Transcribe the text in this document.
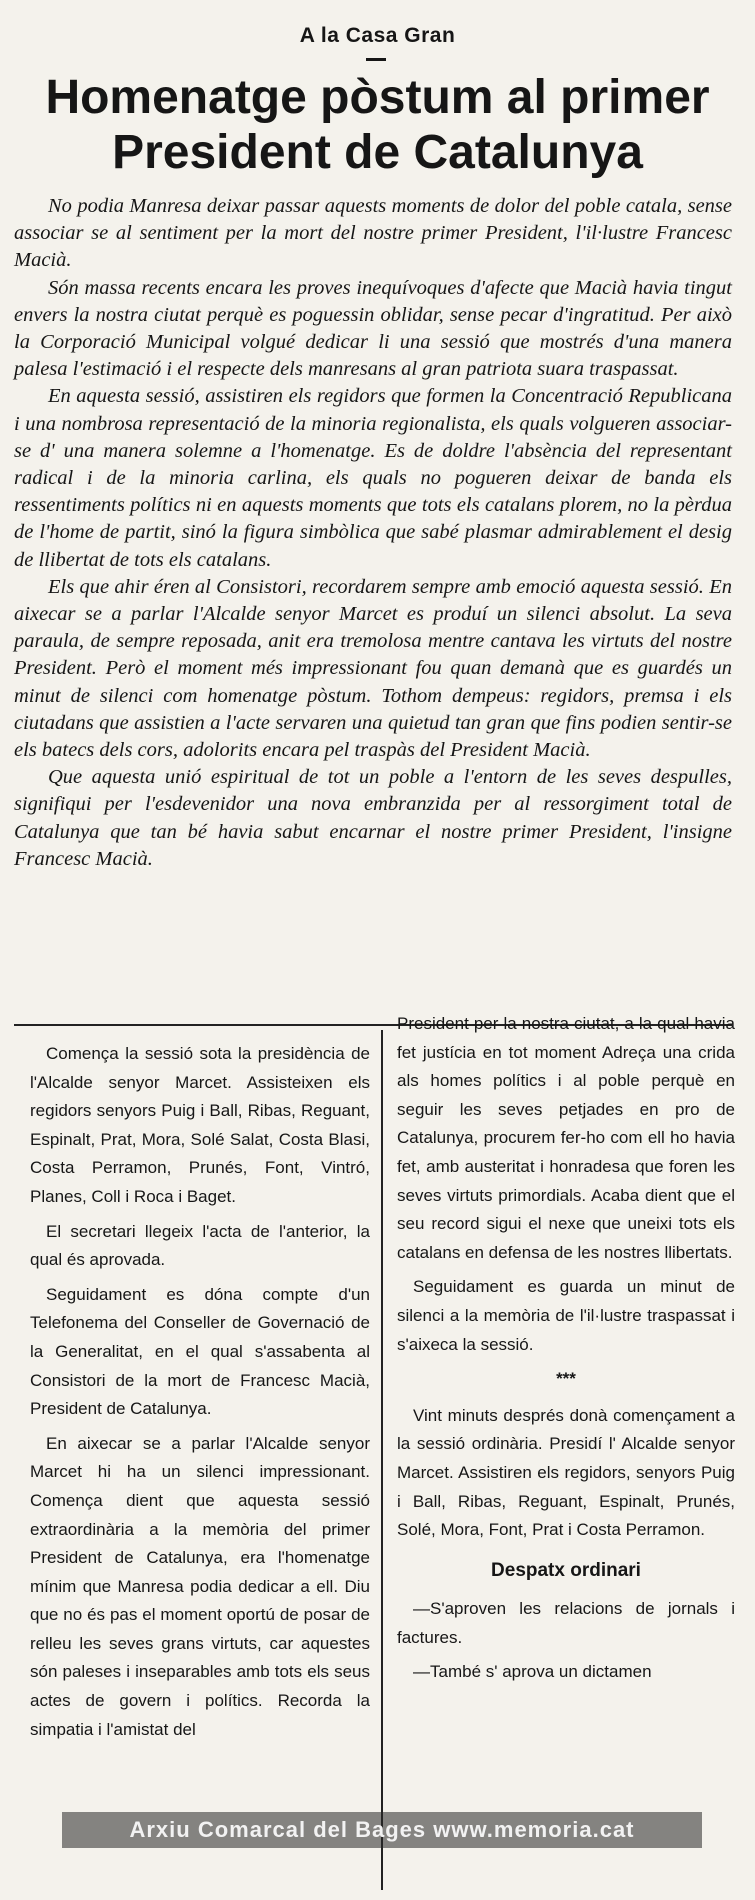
A la Casa Gran
Homenatge pòstum al primer
President de Catalunya

No podia Manresa deixar passar aquests moments de dolor del poble catala, sense associar se al sentiment per la mort del nostre primer President, l'il·lustre Francesc Macià.

Són massa recents encara les proves inequívoques d'afecte que Macià havia tingut envers la nostra ciutat perquè es poguessin oblidar, sense pecar d'ingratitud. Per això la Corporació Municipal volgué dedicar li una sessió que mostrés d'una manera palesa l'estimació i el respecte dels manresans al gran patriota suara traspassat.

En aquesta sessió, assistiren els regidors que formen la Concentració Republicana i una nombrosa representació de la minoria regionalista, els quals volgueren associar-se d' una manera solemne a l'homenatge. Es de doldre l'absència del representant radical i de la minoria carlina, els quals no pogueren deixar de banda els ressentiments polítics ni en aquests moments que tots els catalans plorem, no la pèrdua de l'home de partit, sinó la figura simbòlica que sabé plasmar admirablement el desig de llibertat de tots els catalans.

Els que ahir éren al Consistori, recordarem sempre amb emoció aquesta sessió. En aixecar se a parlar l'Alcalde senyor Marcet es produí un silenci absolut. La seva paraula, de sempre reposada, anit era tremolosa mentre cantava les virtuts del nostre President. Però el moment més impressionant fou quan demanà que es guardés un minut de silenci com homenatge pòstum. Tothom dempeus: regidors, premsa i els ciutadans que assistien a l'acte servaren una quietud tan gran que fins podien sentir-se els batecs dels cors, adolorits encara pel traspàs del President Macià.

Que aquesta unió espiritual de tot un poble a l'entorn de les seves despulles, signifiqui per l'esdevenidor una nova embranzida per al ressorgiment total de Catalunya que tan bé havia sabut encarnar el nostre primer President, l'insigne Francesc Macià.

Comença la sessió sota la presidència de l'Alcalde senyor Marcet. Assisteixen els regidors senyors Puig i Ball, Ribas, Reguant, Espinalt, Prat, Mora, Solé Salat, Costa Blasi, Costa Perramon, Prunés, Font, Vintró, Planes, Coll i Roca i Baget.

El secretari llegeix l'acta de l'anterior, la qual és aprovada.

Seguidament es dóna compte d'un Telefonema del Conseller de Governació de la Generalitat, en el qual s'assabenta al Consistori de la mort de Francesc Macià, President de Catalunya.

En aixecar se a parlar l'Alcalde senyor Marcet hi ha un silenci impressionant. Comença dient que aquesta sessió extraordinària a la memòria del primer President de Catalunya, era l'homenatge mínim que Manresa podia dedicar a ell. Diu que no és pas el moment oportú de posar de relleu les seves grans virtuts, car aquestes són paleses i inseparables amb tots els seus actes de govern i polítics. Recorda la simpatia i l'amistat del

President per la nostra ciutat, a la qual havia fet justícia en tot moment Adreça una crida als homes polítics i al poble perquè en seguir les seves petjades en pro de Catalunya, procurem fer-ho com ell ho havia fet, amb austeritat i honradesa que foren les seves virtuts primordials. Acaba dient que el seu record sigui el nexe que uneixi tots els catalans en defensa de les nostres llibertats.

Seguidament es guarda un minut de silenci a la memòria de l'il·lustre traspassat i s'aixeca la sessió.

***

Vint minuts després donà començament a la sessió ordinària. Presidí l' Alcalde senyor Marcet. Assistiren els regidors, senyors Puig i Ball, Ribas, Reguant, Espinalt, Prunés, Solé, Mora, Font, Prat i Costa Perramon.

Despatx ordinari

—S'aproven les relacions de jornals i factures.

—També s' aprova un dictamen

Arxiu Comarcal del Bages www.memoria.cat
